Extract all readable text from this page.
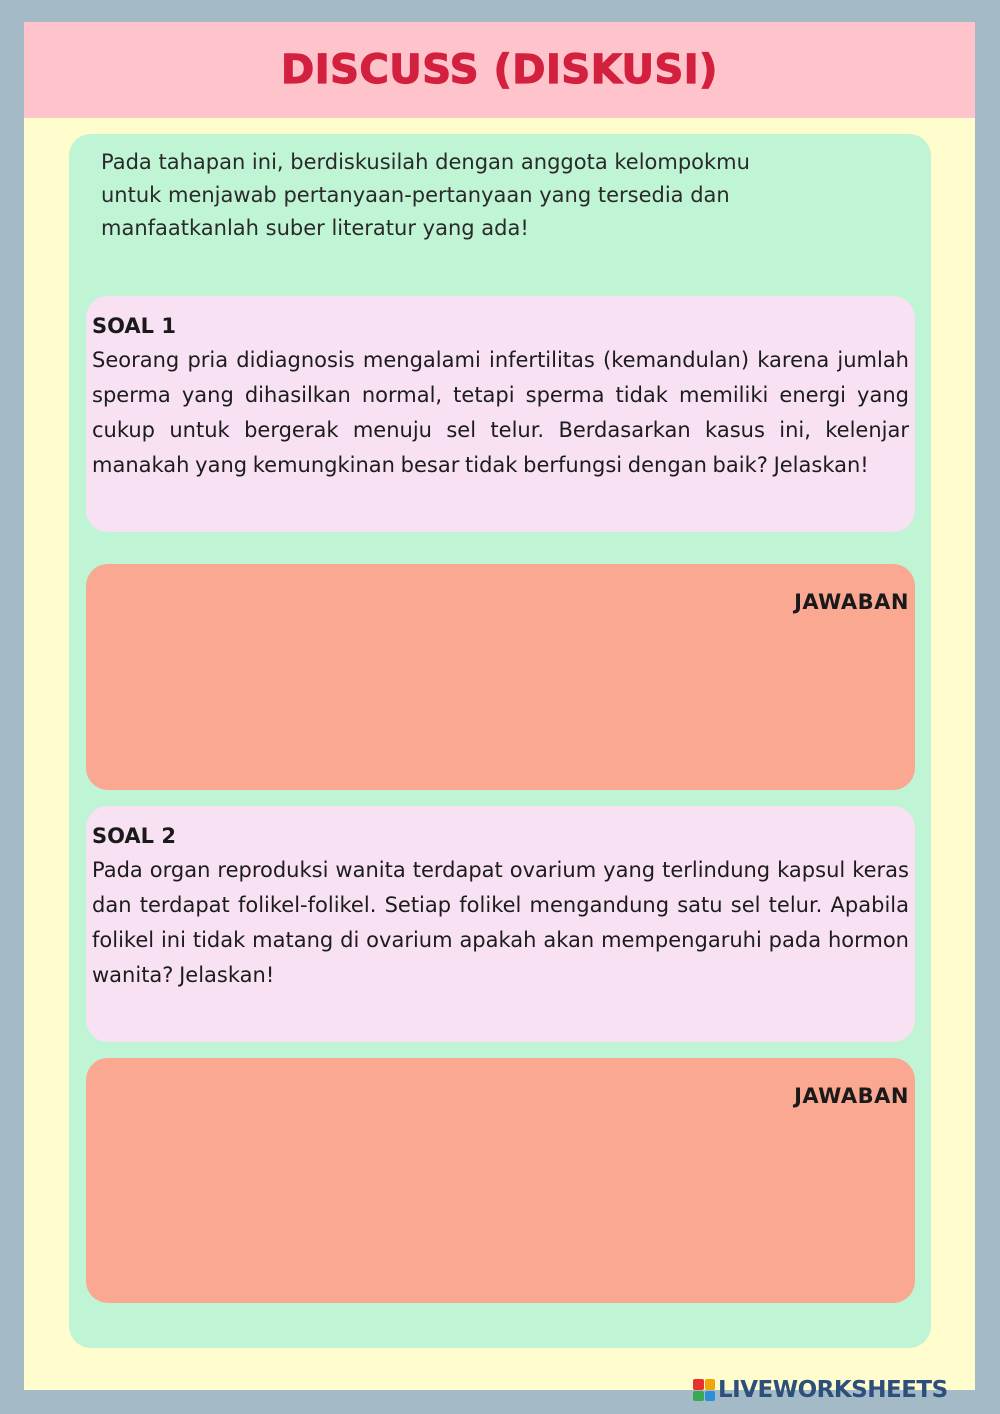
DISCUSS (DISKUSI)

Pada tahapan ini, berdiskusilah dengan anggota kelompokmu
untuk menjawab pertanyaan-pertanyaan yang tersedia dan
manfaatkanlah suber literatur yang ada!

SOAL 1

Seorang pria didiagnosis mengalami infertilitas (kemandulan) karena jumlah sperma yang dihasilkan normal, tetapi sperma tidak memiliki energi yang cukup untuk bergerak menuju sel telur. Berdasarkan kasus ini, kelenjar manakah yang kemungkinan besar tidak berfungsi dengan baik? Jelaskan!

JAWABAN

SOAL 2

Pada organ reproduksi wanita terdapat ovarium yang terlindung kapsul keras dan terdapat folikel-folikel. Setiap folikel mengandung satu sel telur. Apabila folikel ini tidak matang di ovarium apakah akan mempengaruhi pada hormon wanita? Jelaskan!

JAWABAN
LIVEWORKSHEETS
